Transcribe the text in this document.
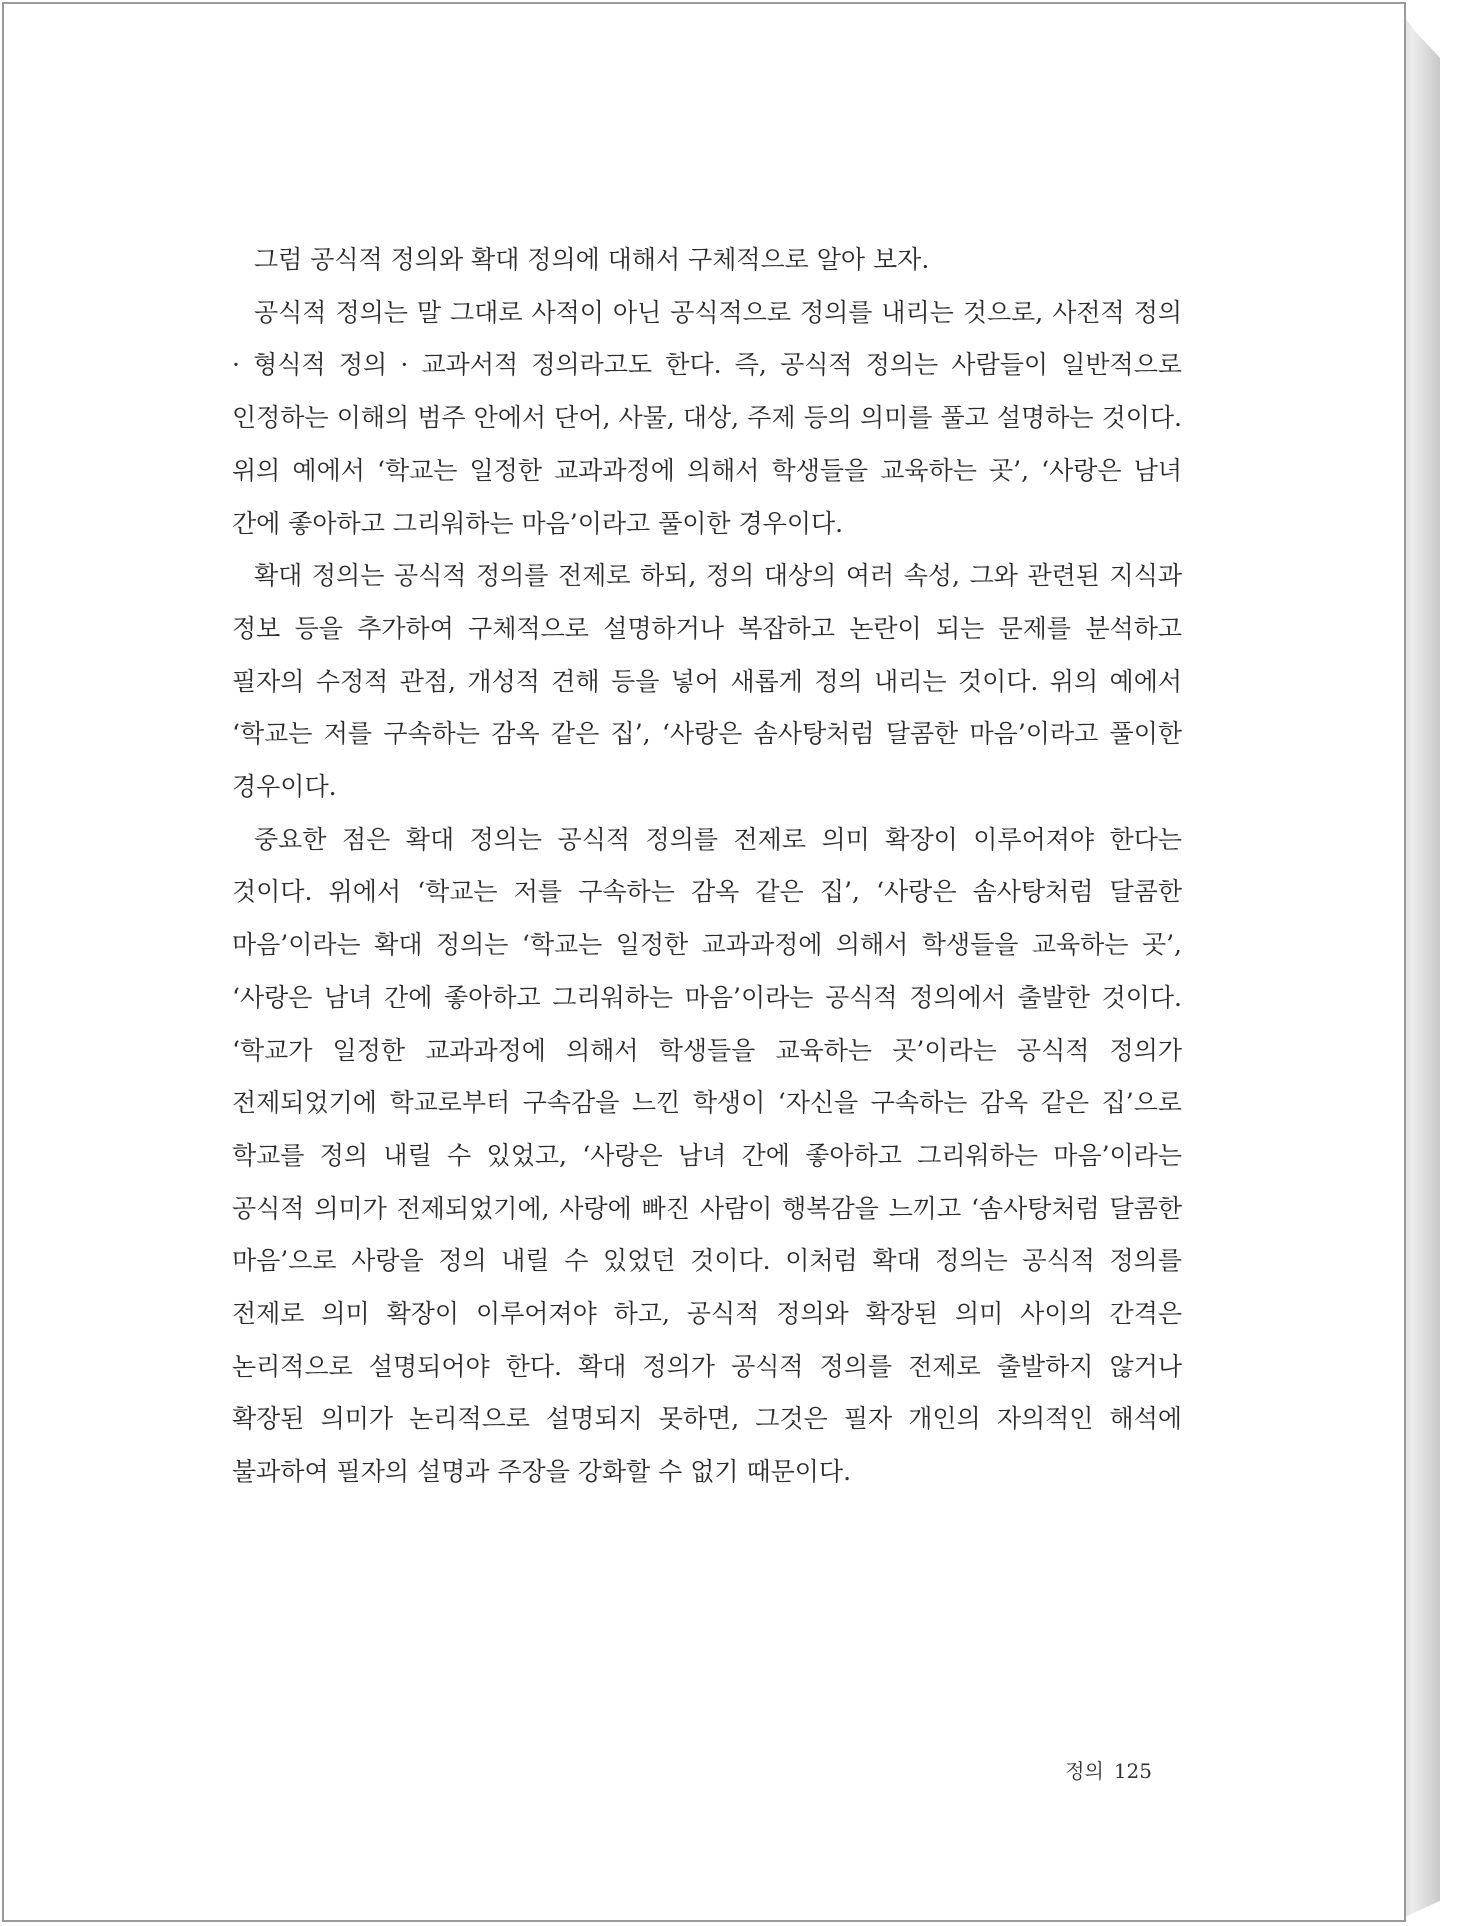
그럼 공식적 정의와 확대 정의에 대해서 구체적으로 알아 보자.

공식적 정의는 말 그대로 사적이 아닌 공식적으로 정의를 내리는 것으로, 사전적 정의 · 형식적 정의 · 교과서적 정의라고도 한다. 즉, 공식적 정의는 사람들이 일반적으로 인정하는 이해의 범주 안에서 단어, 사물, 대상, 주제 등의 의미를 풀고 설명하는 것이다. 위의 예에서 ‘학교는 일정한 교과과정에 의해서 학생들을 교육하는 곳’, ‘사랑은 남녀 간에 좋아하고 그리워하는 마음’이라고 풀이한 경우이다.

확대 정의는 공식적 정의를 전제로 하되, 정의 대상의 여러 속성, 그와 관련된 지식과 정보 등을 추가하여 구체적으로 설명하거나 복잡하고 논란이 되는 문제를 분석하고 필자의 수정적 관점, 개성적 견해 등을 넣어 새롭게 정의 내리는 것이다. 위의 예에서 ‘학교는 저를 구속하는 감옥 같은 집’, ‘사랑은 솜사탕처럼 달콤한 마음’이라고 풀이한 경우이다.

중요한 점은 확대 정의는 공식적 정의를 전제로 의미 확장이 이루어져야 한다는 것이다. 위에서 ‘학교는 저를 구속하는 감옥 같은 집’, ‘사랑은 솜사탕처럼 달콤한 마음’이라는 확대 정의는 ‘학교는 일정한 교과과정에 의해서 학생들을 교육하는 곳’, ‘사랑은 남녀 간에 좋아하고 그리워하는 마음’이라는 공식적 정의에서 출발한 것이다. ‘학교가 일정한 교과과정에 의해서 학생들을 교육하는 곳’이라는 공식적 정의가 전제되었기에 학교로부터 구속감을 느낀 학생이 ‘자신을 구속하는 감옥 같은 집’으로 학교를 정의 내릴 수 있었고, ‘사랑은 남녀 간에 좋아하고 그리워하는 마음’이라는 공식적 의미가 전제되었기에, 사랑에 빠진 사람이 행복감을 느끼고 ‘솜사탕처럼 달콤한 마음’으로 사랑을 정의 내릴 수 있었던 것이다. 이처럼 확대 정의는 공식적 정의를 전제로 의미 확장이 이루어져야 하고, 공식적 정의와 확장된 의미 사이의 간격은 논리적으로 설명되어야 한다. 확대 정의가 공식적 정의를 전제로 출발하지 않거나 확장된 의미가 논리적으로 설명되지 못하면, 그것은 필자 개인의 자의적인 해석에 불과하여 필자의 설명과 주장을 강화할 수 없기 때문이다.

정의 125
